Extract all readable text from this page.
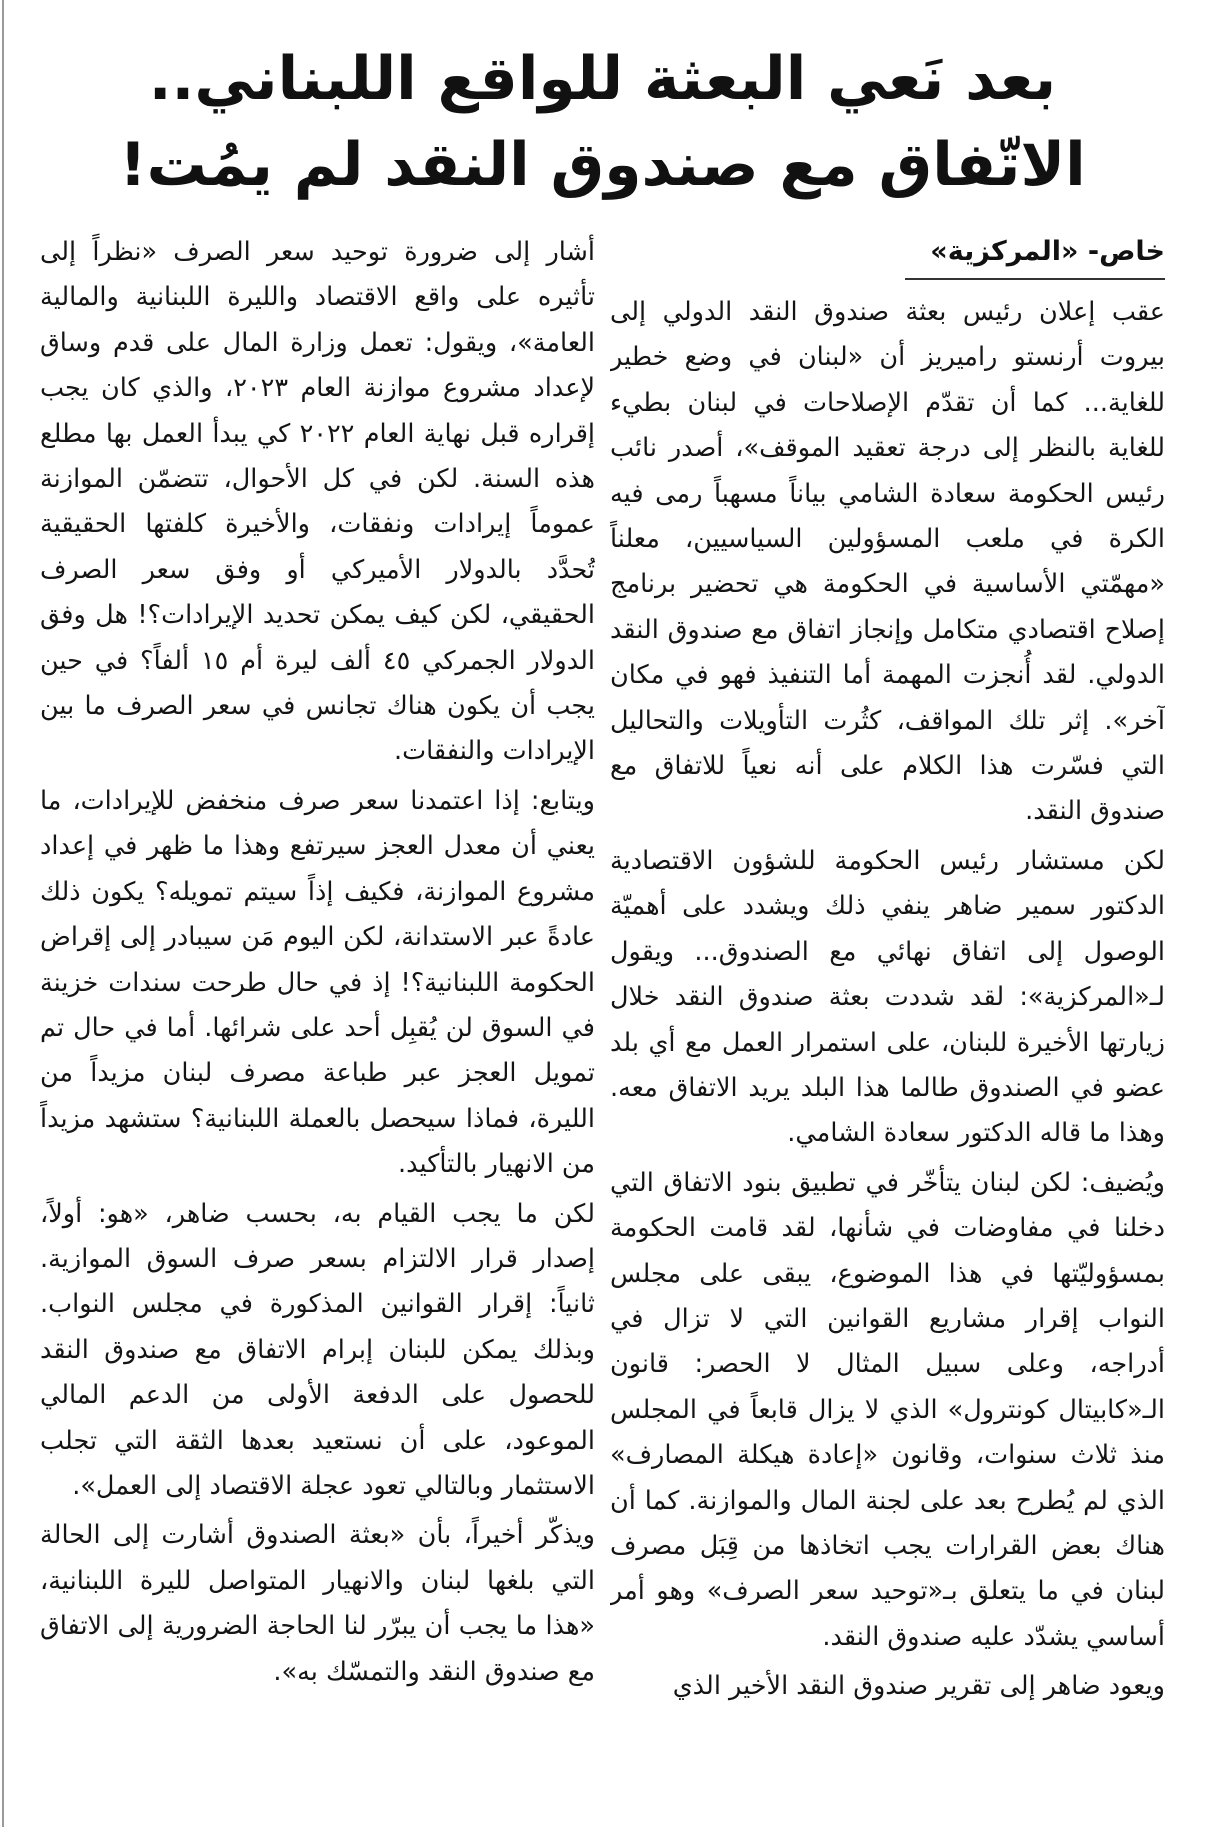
بعد نَعي البعثة للواقع اللبناني..
الاتّفاق مع صندوق النقد لم يمُت!
خاص- «المركزية»

عقب إعلان رئيس بعثة صندوق النقد الدولي إلى بيروت أرنستو راميريز أن «لبنان في وضع خطير للغاية... كما أن تقدّم الإصلاحات في لبنان بطيء للغاية بالنظر إلى درجة تعقيد الموقف»، أصدر نائب رئيس الحكومة سعادة الشامي بياناً مسهباً رمى فيه الكرة في ملعب المسؤولين السياسيين، معلناً «مهمّتي الأساسية في الحكومة هي تحضير برنامج إصلاح اقتصادي متكامل وإنجاز اتفاق مع صندوق النقد الدولي. لقد أُنجزت المهمة أما التنفيذ فهو في مكان آخر». إثر تلك المواقف، كثُرت التأويلات والتحاليل التي فسّرت هذا الكلام على أنه نعياً للاتفاق مع صندوق النقد.

لكن مستشار رئيس الحكومة للشؤون الاقتصادية الدكتور سمير ضاهر ينفي ذلك ويشدد على أهميّة الوصول إلى اتفاق نهائي مع الصندوق... ويقول لـ«المركزية»: لقد شددت بعثة صندوق النقد خلال زيارتها الأخيرة للبنان، على استمرار العمل مع أي بلد عضو في الصندوق طالما هذا البلد يريد الاتفاق معه. وهذا ما قاله الدكتور سعادة الشامي.

ويُضيف: لكن لبنان يتأخّر في تطبيق بنود الاتفاق التي دخلنا في مفاوضات في شأنها، لقد قامت الحكومة بمسؤوليّتها في هذا الموضوع، يبقى على مجلس النواب إقرار مشاريع القوانين التي لا تزال في أدراجه، وعلى سبيل المثال لا الحصر: قانون الـ«كابيتال كونترول» الذي لا يزال قابعاً في المجلس منذ ثلاث سنوات، وقانون «إعادة هيكلة المصارف» الذي لم يُطرح بعد على لجنة المال والموازنة. كما أن هناك بعض القرارات يجب اتخاذها من قِبَل مصرف لبنان في ما يتعلق بـ«توحيد سعر الصرف» وهو أمر أساسي يشدّد عليه صندوق النقد.

ويعود ضاهر إلى تقرير صندوق النقد الأخير الذي

أشار إلى ضرورة توحيد سعر الصرف «نظراً إلى تأثيره على واقع الاقتصاد والليرة اللبنانية والمالية العامة»، ويقول: تعمل وزارة المال على قدم وساق لإعداد مشروع موازنة العام ٢٠٢٣، والذي كان يجب إقراره قبل نهاية العام ٢٠٢٢ كي يبدأ العمل بها مطلع هذه السنة. لكن في كل الأحوال، تتضمّن الموازنة عموماً إيرادات ونفقات، والأخيرة كلفتها الحقيقية تُحدَّد بالدولار الأميركي أو وفق سعر الصرف الحقيقي، لكن كيف يمكن تحديد الإيرادات؟! هل وفق الدولار الجمركي ٤٥ ألف ليرة أم ١٥ ألفاً؟ في حين يجب أن يكون هناك تجانس في سعر الصرف ما بين الإيرادات والنفقات.

ويتابع: إذا اعتمدنا سعر صرف منخفض للإيرادات، ما يعني أن معدل العجز سيرتفع وهذا ما ظهر في إعداد مشروع الموازنة، فكيف إذاً سيتم تمويله؟ يكون ذلك عادةً عبر الاستدانة، لكن اليوم مَن سيبادر إلى إقراض الحكومة اللبنانية؟! إذ في حال طرحت سندات خزينة في السوق لن يُقبِل أحد على شرائها. أما في حال تم تمويل العجز عبر طباعة مصرف لبنان مزيداً من الليرة، فماذا سيحصل بالعملة اللبنانية؟ ستشهد مزيداً من الانهيار بالتأكيد.

لكن ما يجب القيام به، بحسب ضاهر، «هو: أولاً، إصدار قرار الالتزام بسعر صرف السوق الموازية. ثانياً: إقرار القوانين المذكورة في مجلس النواب. وبذلك يمكن للبنان إبرام الاتفاق مع صندوق النقد للحصول على الدفعة الأولى من الدعم المالي الموعود، على أن نستعيد بعدها الثقة التي تجلب الاستثمار وبالتالي تعود عجلة الاقتصاد إلى العمل».

ويذكّر أخيراً، بأن «بعثة الصندوق أشارت إلى الحالة التي بلغها لبنان والانهيار المتواصل لليرة اللبنانية، «هذا ما يجب أن يبرّر لنا الحاجة الضرورية إلى الاتفاق مع صندوق النقد والتمسّك به».
